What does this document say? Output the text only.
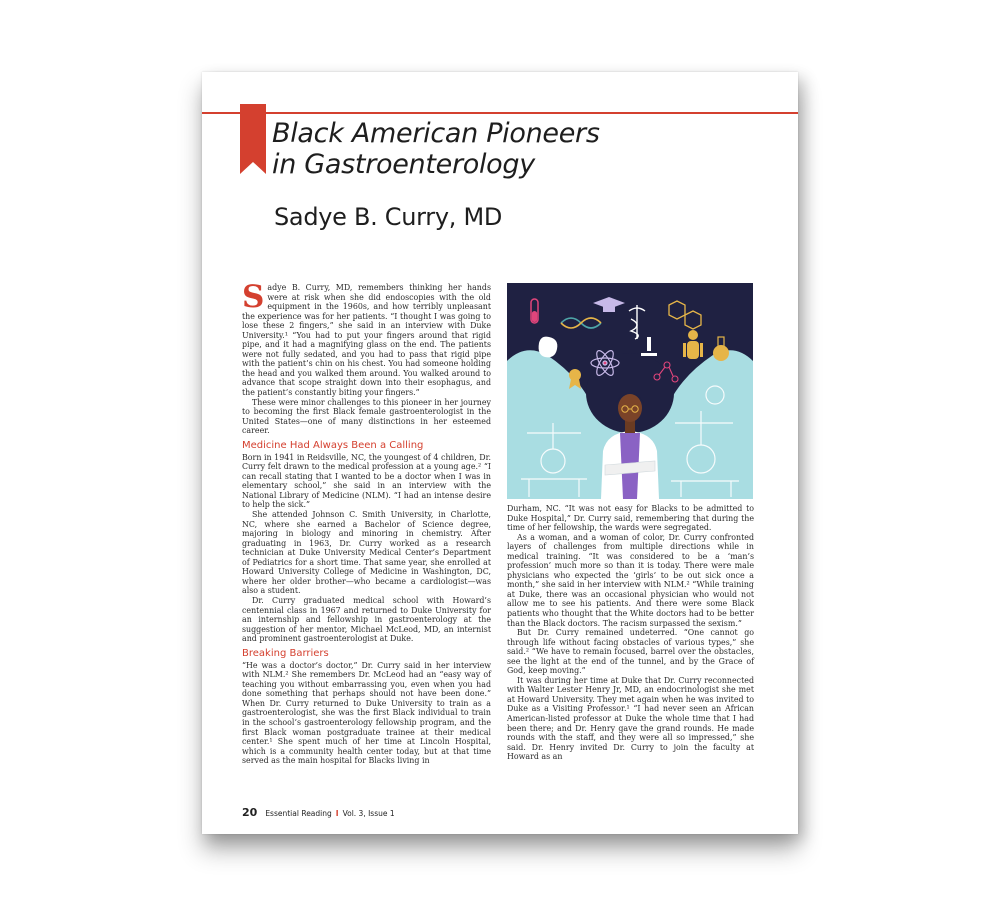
Black American Pioneers
in Gastroenterology
Sadye B. Curry, MD

Sadye B. Curry, MD, remembers thinking her hands were at risk when she did endoscopies with the old equipment in the 1960s, and how terribly unpleasant the experience was for her patients. “I thought I was going to lose these 2 fingers,” she said in an interview with Duke University.¹ “You had to put your fingers around that rigid pipe, and it had a magnifying glass on the end. The patients were not fully sedated, and you had to pass that rigid pipe with the patient’s chin on his chest. You had someone holding the head and you walked them around. You walked around to advance that scope straight down into their esophagus, and the patient’s constantly biting your fingers.”

These were minor challenges to this pioneer in her journey to becoming the first Black female gastroenterologist in the United States—one of many distinctions in her esteemed career.

Medicine Had Always Been a Calling

Born in 1941 in Reidsville, NC, the youngest of 4 children, Dr. Curry felt drawn to the medical profession at a young age.² “I can recall stating that I wanted to be a doctor when I was in elementary school,” she said in an interview with the National Library of Medicine (NLM). “I had an intense desire to help the sick.”

She attended Johnson C. Smith University, in Charlotte, NC, where she earned a Bachelor of Science degree, majoring in biology and minoring in chemistry. After graduating in 1963, Dr. Curry worked as a research technician at Duke University Medical Center’s Department of Pediatrics for a short time. That same year, she enrolled at Howard University College of Medicine in Washington, DC, where her older brother—who became a cardiologist—was also a student.

Dr. Curry graduated medical school with Howard’s centennial class in 1967 and returned to Duke University for an internship and fellowship in gastroenterology at the suggestion of her mentor, Michael McLeod, MD, an internist and prominent gastroenterologist at Duke.

Breaking Barriers

“He was a doctor’s doctor,” Dr. Curry said in her interview with NLM.² She remembers Dr. McLeod had an “easy way of teaching you without embarrassing you, even when you had done something that perhaps should not have been done.” When Dr. Curry returned to Duke University to train as a gastroenterologist, she was the first Black individual to train in the school’s gastroenterology fellowship program, and the first Black woman postgraduate trainee at their medical center.¹ She spent much of her time at Lincoln Hospital, which is a community health center today, but at that time served as the main hospital for Blacks living in

Durham, NC. “It was not easy for Blacks to be admitted to Duke Hospital,” Dr. Curry said, remembering that during the time of her fellowship, the wards were segregated.

As a woman, and a woman of color, Dr. Curry confronted layers of challenges from multiple directions while in medical training. “It was considered to be a ‘man’s profession’ much more so than it is today. There were male physicians who expected the ‘girls’ to be out sick once a month,” she said in her interview with NLM.² “While training at Duke, there was an occasional physician who would not allow me to see his patients. And there were some Black patients who thought that the White doctors had to be better than the Black doctors. The racism surpassed the sexism.”

But Dr. Curry remained undeterred. “One cannot go through life without facing obstacles of various types,” she said.² “We have to remain focused, barrel over the obstacles, see the light at the end of the tunnel, and by the Grace of God, keep moving.”

It was during her time at Duke that Dr. Curry reconnected with Walter Lester Henry Jr, MD, an endocrinologist she met at Howard University. They met again when he was invited to Duke as a Visiting Professor.¹ “I had never seen an African American-listed professor at Duke the whole time that I had been there; and Dr. Henry gave the grand rounds. He made rounds with the staff, and they were all so impressed,” she said. Dr. Henry invited Dr. Curry to join the faculty at Howard as an

20 Essential Reading I Vol. 3, Issue 1
